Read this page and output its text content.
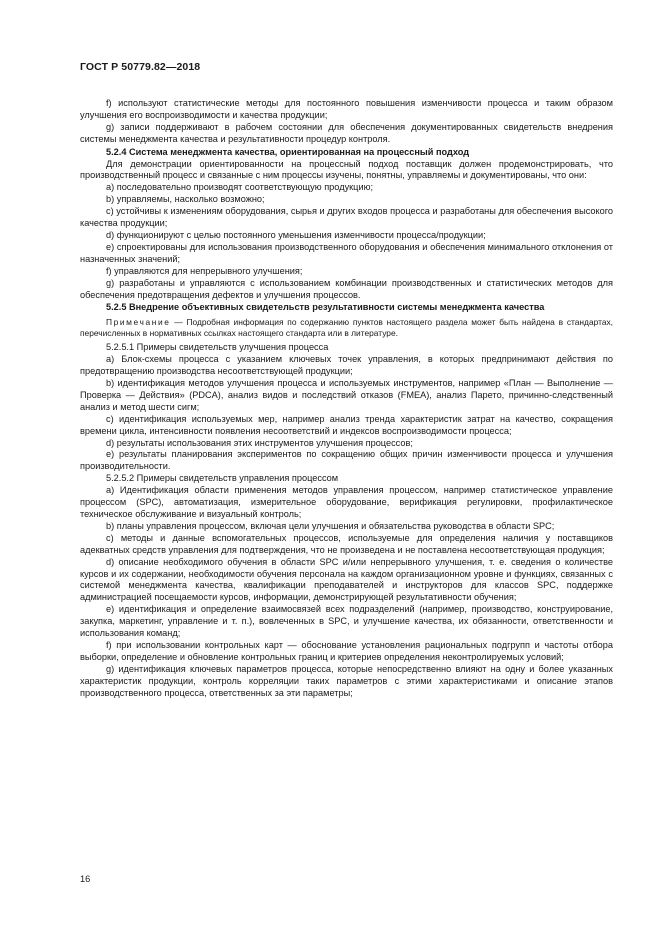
ГОСТ Р 50779.82—2018

f) используют статистические методы для постоянного повышения изменчивости процесса и таким образом улучшения его воспроизводимости и качества продукции;

g) записи поддерживают в рабочем состоянии для обеспечения документированных свидетельств внедрения системы менеджмента качества и результативности процедур контроля.

5.2.4 Система менеджмента качества, ориентированная на процессный подход

Для демонстрации ориентированности на процессный подход поставщик должен продемонстрировать, что производственный процесс и связанные с ним процессы изучены, понятны, управляемы и документированы, что они:

a) последовательно производят соответствующую продукцию;

b) управляемы, насколько возможно;

c) устойчивы к изменениям оборудования, сырья и других входов процесса и разработаны для обеспечения высокого качества продукции;

d) функционируют с целью постоянного уменьшения изменчивости процесса/продукции;

e) спроектированы для использования производственного оборудования и обеспечения минимального отклонения от назначенных значений;

f) управляются для непрерывного улучшения;

g) разработаны и управляются с использованием комбинации производственных и статистических методов для обеспечения предотвращения дефектов и улучшения процессов.

5.2.5 Внедрение объективных свидетельств результативности системы менеджмента качества

Примечание — Подробная информация по содержанию пунктов настоящего раздела может быть найдена в стандартах, перечисленных в нормативных ссылках настоящего стандарта или в литературе.

5.2.5.1 Примеры свидетельств улучшения процесса

a) Блок-схемы процесса с указанием ключевых точек управления, в которых предпринимают действия по предотвращению производства несоответствующей продукции;

b) идентификация методов улучшения процесса и используемых инструментов, например «План — Выполнение — Проверка — Действия» (PDCA), анализ видов и последствий отказов (FMEA), анализ Парето, причинно-следственный анализ и метод шести сигм;

c) идентификация используемых мер, например анализ тренда характеристик затрат на качество, сокращения времени цикла, интенсивности появления несоответствий и индексов воспроизводимости процесса;

d) результаты использования этих инструментов улучшения процессов;

e) результаты планирования экспериментов по сокращению общих причин изменчивости процесса и улучшения производительности.

5.2.5.2 Примеры свидетельств управления процессом

a) Идентификация области применения методов управления процессом, например статистическое управление процессом (SPC), автоматизация, измерительное оборудование, верификация регулировки, профилактическое техническое обслуживание и визуальный контроль;

b) планы управления процессом, включая цели улучшения и обязательства руководства в области SPC;

c) методы и данные вспомогательных процессов, используемые для определения наличия у поставщиков адекватных средств управления для подтверждения, что не произведена и не поставлена несоответствующая продукция;

d) описание необходимого обучения в области SPC и/или непрерывного улучшения, т. е. сведения о количестве курсов и их содержании, необходимости обучения персонала на каждом организационном уровне и функциях, связанных с системой менеджмента качества, квалификации преподавателей и инструкторов для классов SPC, поддержке администрацией посещаемости курсов, информации, демонстрирующей результативности обучения;

e) идентификация и определение взаимосвязей всех подразделений (например, производство, конструирование, закупка, маркетинг, управление и т. п.), вовлеченных в SPC, и улучшение качества, их обязанности, ответственности и использования команд;

f) при использовании контрольных карт — обоснование установления рациональных подгрупп и частоты отбора выборки, определение и обновление контрольных границ и критериев определения неконтролируемых условий;

g) идентификация ключевых параметров процесса, которые непосредственно влияют на одну и более указанных характеристик продукции, контроль корреляции таких параметров с этими характеристиками и описание этапов производственного процесса, ответственных за эти параметры;

16
